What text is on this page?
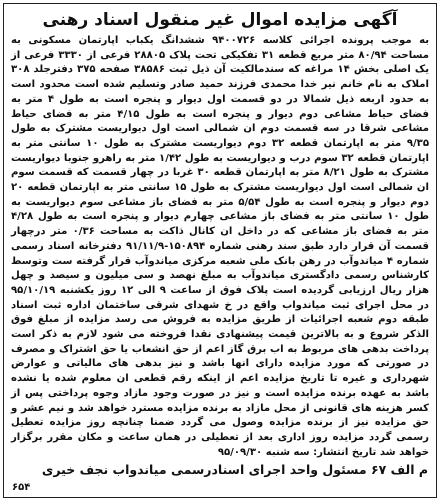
آگهی مزایده اموال غیر منقول اسناد رهنی

به موجب پرونده اجرائی کلاسه ۹۴۰۰۷۲۶ ششدانگ یکباب اپارتمان مسکونی به مساحت ۸۰/۹۴ متر مربع قطعه ۳۱ تفکیکی تحت پلاک ۲۸۸۰۵ فرعی از ۳۳۳۰ فرعی از یک اصلی بخش ۱۴ مراغه که سندمالکیت آن ذیل ثبت ۳۸۵۸۶ صفحه ۳۷۵ دفترجلد ۳۰۸ املاک به نام خانم نیر خدا محمدی فرزند حمید صادر وتسلیم شده است محدود است به حدود اربعه ذیل شمالا در دو قسمت اول دیوار و پنجره است به طول ۴ متر به فضای حیاط مشاعی دوم دیوار و پنجره است به طول ۴/۱۵ متر به فضای حیاط مشاعی شرقا در سه قسمت دوم ان شمالی است اول دیواریست مشترک به طول ۹/۳۵ متر به اپارتمان قطعه ۳۲ دوم دیواریست مشترک به طول ۱۰ سانتی متر به اپارتمان قطعه ۳۲ سوم درب و دیواریست به طول ۱/۴۲ متر به راهرو جنوبا دیواریست مشترک به طول ۸/۲۱ متر به اپارتمان قطعه ۳۰ غربا در چهار قسمت که قسمت سوم ان شمالی است اول دیواریست مشترک به طول ۱۵ سانتی متر به اپارتمان قطعه ۲۰ دوم دیوار و پنجره است به طول ۵/۵۴ متر به فضای باز مشاعی سوم دیواریست به طول ۱۰ سانتی متر به فضای باز مشاعی چهارم دیوار و پنجره است به طول ۴/۲۸ متر به فضای باز مشاعی که در داخل ان کانال ذاکت به مساحت ۰/۳۶ متر درچهار قسمت آن قرار دارد طبق سند رهنی شماره ۱۵۰۸۹۴-۹۱/۱۱/۹ دفترخانه اسناد رسمی شماره ۴ میاندوآب در رهن بانک ملی شعبه مرکزی میاندوآب قرار گرفته ست وتوسط کارشناس رسمی دادگستری میاندوآب به مبلغ نهصد و سی میلیون و سیصد و چهل هزار ریال ارزیابی گردیده است پلاک فوق از ساعت ۹ الی ۱۲ روز یکشنبه ۹۵/۱۰/۱۹ در محل اجرای ثبت میاندواب واقع در خ شهدای شرقی ساختمان اداره ثبت اسناد طبقه دوم شعبه اجرائیات از طریق مزایده به فروش می رسد مزایده از مبلغ فوق الذکر شروع و به بالاترین قیمت پیشنهادی نقدا فروخته می شود لازم به ذکر است پرداخت بدهی های مربوط به اب برق گاز اعم از حق انشعاب یا حق اشتراک و مصرف در صورتی که مورد مزایده دارای انها باشد و نیز بدهی های مالیاتی و عوارض شهرداری و غیره تا تاریخ مزایده اعم از اینکه رقم قطعی ان معلوم شده یا نشده باشد به عهده برنده مزایده است و نیز در صورت وجود مازاد وجوه پرداختی پس از کسر هزینه های قانونی از محل مازاد به برنده مزایده مسترد خواهد شد و نیم عشر و حق مزایده نیز از برنده مزایده وصول می گردد ضمنا چنانچه روز مزایده تعطیل رسمی گردد مزایده روز اداری بعد از تعطیلی در همان ساعت و مکان مقرر برگزار خواهد شد تاریخ انتشار: سه شنبه ۹۵/۰۹/۳۰

م الف ۶۷ مسئول واحد اجرای اسنادرسمی میاندواب نجف خیری
۶۵۴
